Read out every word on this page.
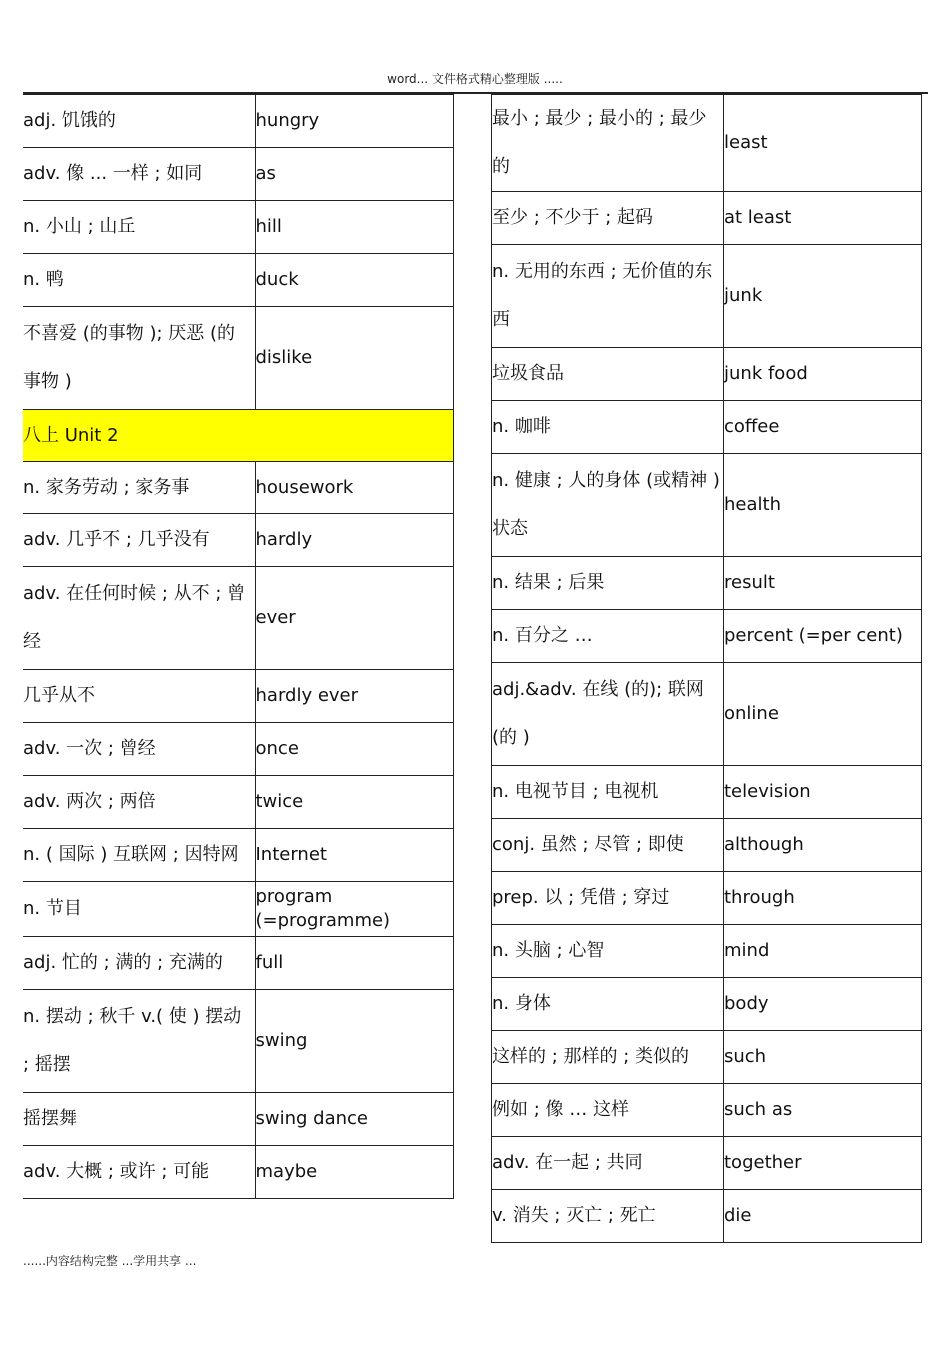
word... 文件格式精心整理版 .....
adj. 饥饿的	hungry
adv. 像 ... 一样 ; 如同	as
n. 小山 ; 山丘	hill
n. 鸭	duck
不喜爱 (的事物 ); 厌恶 (的事物 )	dislike
八上 Unit 2	
n. 家务劳动 ; 家务事	housework
adv. 几乎不 ; 几乎没有	hardly
adv. 在任何时候 ; 从不 ; 曾经	ever
几乎从不	hardly ever
adv. 一次 ; 曾经	once
adv. 两次 ; 两倍	twice
n. ( 国际 ) 互联网 ; 因特网	Internet
n. 节目	program (=programme)
adj. 忙的 ; 满的 ; 充满的	full
n. 摆动 ; 秋千 v.( 使 ) 摆动 ; 摇摆	swing
摇摆舞	swing dance
adv. 大概 ; 或许 ; 可能	maybe
最小 ; 最少 ; 最小的 ; 最少的	least
至少 ; 不少于 ; 起码	at least
n. 无用的东西 ; 无价值的东西	junk
垃圾食品	junk food
n. 咖啡	coffee
n. 健康 ; 人的身体 (或精神 ) 状态	health
n. 结果 ; 后果	result
n. 百分之 …	percent (=per cent)
adj.&adv. 在线 (的); 联网 (的 )	online
n. 电视节目 ; 电视机	television
conj. 虽然 ; 尽管 ; 即使	although
prep. 以 ; 凭借 ; 穿过	through
n. 头脑 ; 心智	mind
n. 身体	body
这样的 ; 那样的 ; 类似的	such
例如 ; 像 … 这样	such as
adv. 在一起 ; 共同	together
v. 消失 ; 灭亡 ; 死亡	die
......内容结构完整 ...学用共享 ...
